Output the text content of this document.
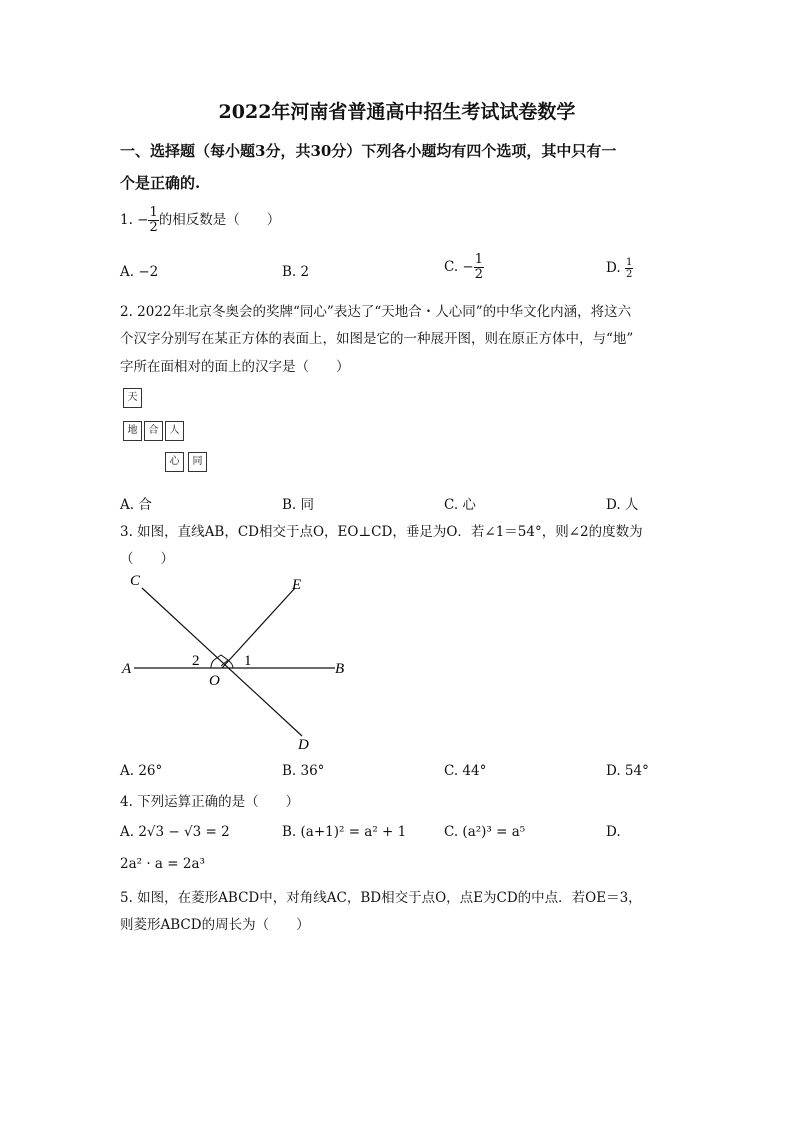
2022年河南省普通高中招生考试试卷数学
一、选择题（每小题3分，共30分）下列各小题均有四个选项，其中只有一
个是正确的.
1. − $\frac{1}{2}$ 的相反数是（　　）
A. −2	B. 2	C. − $\frac{1}{2}$	D. $\frac{1}{2}$
2. 2022年北京冬奥会的奖牌“同心”表达了“天地合・人心同”的中华文化内涵，将这六
个汉字分别写在某正方体的表面上，如图是它的一种展开图，则在原正方体中，与“地”
字所在面相对的面上的汉字是（　　）
天
地	合	人
心	同
A. 合	B. 同	C. 心	D. 人
3. 如图，直线AB，CD相交于点O，EO⊥CD，垂足为O．若∠1＝54°，则∠2的度数为
（　　）
C	E
A	B
O
D
2	1
A. 26°	B. 36°	C. 44°	D. 54°
4. 下列运算正确的是（　　）
A. 2√3 − √3 = 2	B. (a+1)² = a² + 1	C. (a²)³ = a⁵	D.
2a² · a = 2a³
5. 如图，在菱形ABCD中，对角线AC，BD相交于点O，点E为CD的中点．若OE＝3，
则菱形ABCD的周长为（　　）
